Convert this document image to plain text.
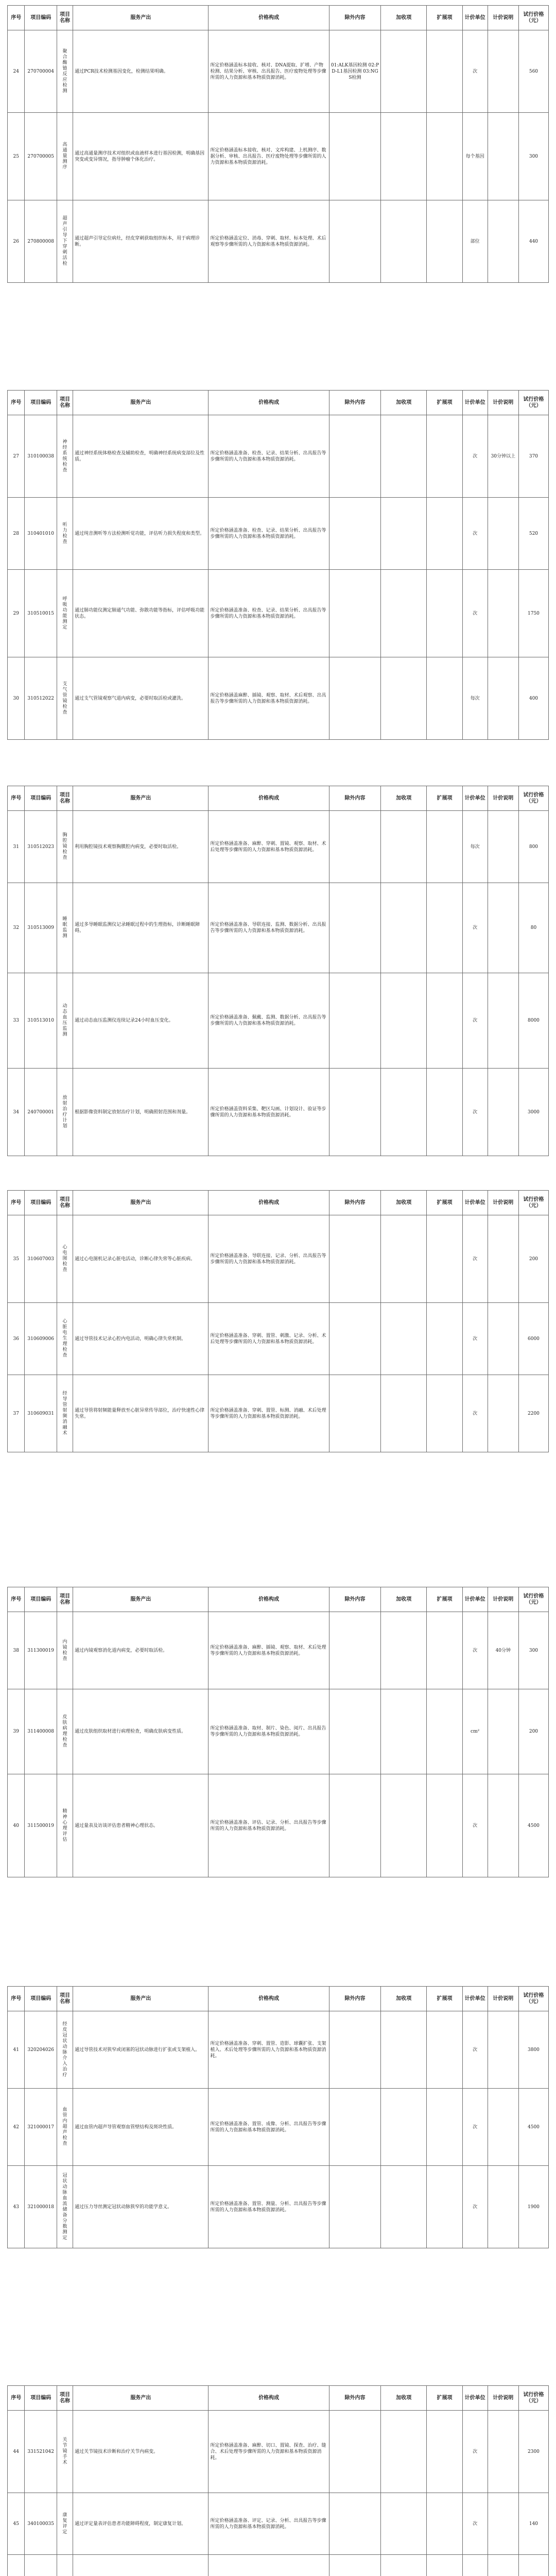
序号	项目编码	项目名称	服务产出	价格构成	除外内容	加收项	扩展项	计价单位	计价说明	试行价格（元）
24	270700004	聚合酶链反应检测	通过PCR技术检测基因变化，检测结果明确。	所定价格涵盖标本接收、核对、DNA提取、扩增、产物检测、结果分析、审核、出具报告、医疗废物处理等步骤所需的人力资源和基本物质资源消耗。	01:ALK基因检测 02:PD-L1基因检测 03:NGS检测			次		560
25	270700005	高通量测序	通过高通量测序技术对组织或血液样本进行基因检测，明确基因突变或变异情况，指导肿瘤个体化治疗。	所定价格涵盖标本接收、核对、文库构建、上机测序、数据分析、审核、出具报告、医疗废物处理等步骤所需的人力资源和基本物质资源消耗。				每个基因		300
26	270800008	超声引导下穿刺活检	通过超声引导定位病灶，经皮穿刺获取组织标本，用于病理诊断。	所定价格涵盖定位、消毒、穿刺、取材、标本处理、术后观察等步骤所需的人力资源和基本物质资源消耗。				部位		440
序号	项目编码	项目名称	服务产出	价格构成	除外内容	加收项	扩展项	计价单位	计价说明	试行价格（元）
27	310100038	神经系统检查	通过神经系统体格检查及辅助检查，明确神经系统病变部位及性质。	所定价格涵盖准备、检查、记录、结果分析、出具报告等步骤所需的人力资源和基本物质资源消耗。				次	30分钟以上	370
28	310401010	听力检查	通过纯音测听等方法检测听觉功能，评估听力损失程度和类型。	所定价格涵盖准备、检查、记录、结果分析、出具报告等步骤所需的人力资源和基本物质资源消耗。				次		520
29	310510015	呼吸功能测定	通过肺功能仪测定肺通气功能、弥散功能等指标，评估呼吸功能状态。	所定价格涵盖准备、检查、记录、结果分析、出具报告等步骤所需的人力资源和基本物质资源消耗。				次		1750
30	310512022	支气管镜检查	通过支气管镜观察气道内病变，必要时取活检或灌洗。	所定价格涵盖麻醉、插镜、观察、取材、术后观察、出具报告等步骤所需的人力资源和基本物质资源消耗。				每次		400
序号	项目编码	项目名称	服务产出	价格构成	除外内容	加收项	扩展项	计价单位	计价说明	试行价格（元）
31	310512023	胸腔镜检查	利用胸腔镜技术观察胸膜腔内病变，必要时取活检。	所定价格涵盖准备、麻醉、穿刺、置镜、观察、取材、术后处理等步骤所需的人力资源和基本物质资源消耗。				每次		800
32	310513009	睡眠监测	通过多导睡眠监测仪记录睡眠过程中的生理指标，诊断睡眠障碍。	所定价格涵盖准备、导联连接、监测、数据分析、出具报告等步骤所需的人力资源和基本物质资源消耗。				次		80
33	310513010	动态血压监测	通过动态血压监测仪连续记录24小时血压变化。	所定价格涵盖准备、佩戴、监测、数据分析、出具报告等步骤所需的人力资源和基本物质资源消耗。				次		8000
34	240700001	放射治疗计划	根据影像资料制定放射治疗计划，明确照射范围和剂量。	所定价格涵盖资料采集、靶区勾画、计划设计、验证等步骤所需的人力资源和基本物质资源消耗。				次		3000
序号	项目编码	项目名称	服务产出	价格构成	除外内容	加收项	扩展项	计价单位	计价说明	试行价格（元）
35	310607003	心电图检查	通过心电图机记录心脏电活动，诊断心律失常等心脏疾病。	所定价格涵盖准备、导联连接、记录、分析、出具报告等步骤所需的人力资源和基本物质资源消耗。				次		200
36	310609006	心脏电生理检查	通过导管技术记录心腔内电活动，明确心律失常机制。	所定价格涵盖准备、穿刺、置管、刺激、记录、分析、术后处理等步骤所需的人力资源和基本物质资源消耗。				次		6000
37	310609031	经导管射频消融术	通过导管将射频能量释放至心脏异常传导部位，治疗快速性心律失常。	所定价格涵盖准备、穿刺、置管、标测、消融、术后处理等步骤所需的人力资源和基本物质资源消耗。				次		2200
序号	项目编码	项目名称	服务产出	价格构成	除外内容	加收项	扩展项	计价单位	计价说明	试行价格（元）
38	311300019	内镜检查	通过内镜观察消化道内病变，必要时取活检。	所定价格涵盖准备、麻醉、插镜、观察、取材、术后处理等步骤所需的人力资源和基本物质资源消耗。				次	40分钟	300
39	311400008	皮肤病理检查	通过皮肤组织取材进行病理检查，明确皮肤病变性质。	所定价格涵盖准备、取材、制片、染色、阅片、出具报告等步骤所需的人力资源和基本物质资源消耗。				cm²		200
40	311500019	精神心理评估	通过量表及访谈评估患者精神心理状态。	所定价格涵盖准备、评估、记录、分析、出具报告等步骤所需的人力资源和基本物质资源消耗。				次		4500
序号	项目编码	项目名称	服务产出	价格构成	除外内容	加收项	扩展项	计价单位	计价说明	试行价格（元）
41	320204026	经皮冠状动脉介入治疗	通过导管技术对狭窄或闭塞的冠状动脉进行扩张或支架植入。	所定价格涵盖准备、穿刺、置管、造影、球囊扩张、支架植入、术后处理等步骤所需的人力资源和基本物质资源消耗。				次		3800
42	321000017	血管内超声检查	通过血管内超声导管观察血管壁结构及斑块性质。	所定价格涵盖准备、置管、成像、分析、出具报告等步骤所需的人力资源和基本物质资源消耗。				次		4500
43	321000018	冠状动脉血流储备分数测定	通过压力导丝测定冠状动脉狭窄的功能学意义。	所定价格涵盖准备、置管、测量、分析、出具报告等步骤所需的人力资源和基本物质资源消耗。				次		1900
序号	项目编码	项目名称	服务产出	价格构成	除外内容	加收项	扩展项	计价单位	计价说明	试行价格（元）
44	331521042	关节镜手术	通过关节镜技术诊断和治疗关节内病变。	所定价格涵盖准备、麻醉、切口、置镜、探查、治疗、缝合、术后处理等步骤所需的人力资源和基本物质资源消耗。				次		2300
45	340100035	康复评定	通过评定量表评估患者功能障碍程度，制定康复计划。	所定价格涵盖准备、评定、记录、分析、出具报告等步骤所需的人力资源和基本物质资源消耗。				次		140
